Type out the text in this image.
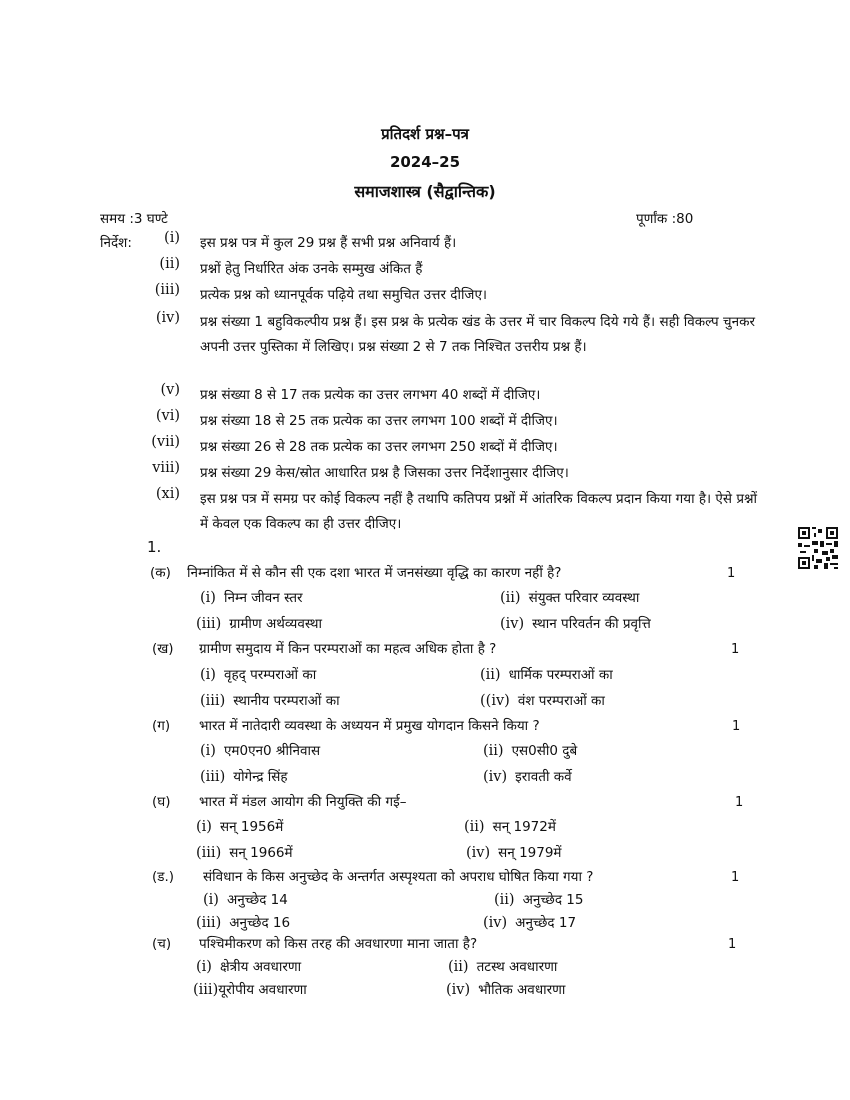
प्रतिदर्श प्रश्न–पत्र
2024–25
समाजशास्त्र (सैद्वान्तिक)
समय :3 घण्टे	पूर्णांक :80
निर्देश:	(i) इस प्रश्न पत्र में कुल 29 प्रश्न हैं सभी प्रश्न अनिवार्य हैं।
(ii) प्रश्नों हेतु निर्धारित अंक उनके सम्मुख अंकित हैं
(iii) प्रत्येक प्रश्न को ध्यानपूर्वक पढ़िये तथा समुचित उत्तर दीजिए।
(iv) प्रश्न संख्या 1 बहुविकल्पीय प्रश्न हैं। इस प्रश्न के प्रत्येक खंड के उत्तर में चार विकल्प दिये गये हैं। सही विकल्प चुनकर अपनी उत्तर पुस्तिका में लिखिए। प्रश्न संख्या 2 से 7 तक निश्चित उत्तरीय प्रश्न हैं।
(v) प्रश्न संख्या 8 से 17 तक प्रत्येक का उत्तर लगभग 40 शब्दों में दीजिए।
(vi) प्रश्न संख्या 18 से 25 तक प्रत्येक का उत्तर लगभग 100 शब्दों में दीजिए।
(vii) प्रश्न संख्या 26 से 28 तक प्रत्येक का उत्तर लगभग 250 शब्दों में दीजिए।
viii) प्रश्न संख्या 29 केस/स्रोत आधारित प्रश्न है जिसका उत्तर निर्देशानुसार दीजिए।
(xi) इस प्रश्न पत्र में समग्र पर कोई विकल्प नहीं है तथापि कतिपय प्रश्नों में आंतरिक विकल्प प्रदान किया गया है। ऐसे प्रश्नों में केवल एक विकल्प का ही उत्तर दीजिए।
1.
(क) निम्नांकित में से कौन सी एक दशा भारत में जनसंख्या वृद्धि का कारण नहीं है?	1
(i) निम्न जीवन स्तर	(ii) संयुक्त परिवार व्यवस्था
(iii) ग्रामीण अर्थव्यवस्था	(iv) स्थान परिवर्तन की प्रवृत्ति
(ख) ग्रामीण समुदाय में किन परम्पराओं का महत्व अधिक होता है ?	1
(i) वृहद् परम्पराओं का	(ii) धार्मिक परम्पराओं का
(iii) स्थानीय परम्पराओं का	((iv) वंश परम्पराओं का
(ग) भारत में नातेदारी व्यवस्था के अध्ययन में प्रमुख योगदान किसने किया ?	1
(i) एम0एन0 श्रीनिवास	(ii) एस0सी0 दुबे
(iii) योगेन्द्र सिंह	(iv) इरावती कर्वे
(घ) भारत में मंडल आयोग की नियुक्ति की गई–	1
(i) सन् 1956में	(ii) सन् 1972में
(iii) सन् 1966में	(iv) सन् 1979में
(ड.) संविधान के किस अनुच्छेद के अन्तर्गत अस्पृश्यता को अपराध घोषित किया गया ?	1
(i) अनुच्छेद 14	(ii) अनुच्छेद 15
(iii) अनुच्छेद 16	(iv) अनुच्छेद 17
(च) पश्चिमीकरण को किस तरह की अवधारणा माना जाता है?	1
(i) क्षेत्रीय अवधारणा	(ii) तटस्थ अवधारणा
(iii)यूरोपीय अवधारणा	(iv) भौतिक अवधारणा
